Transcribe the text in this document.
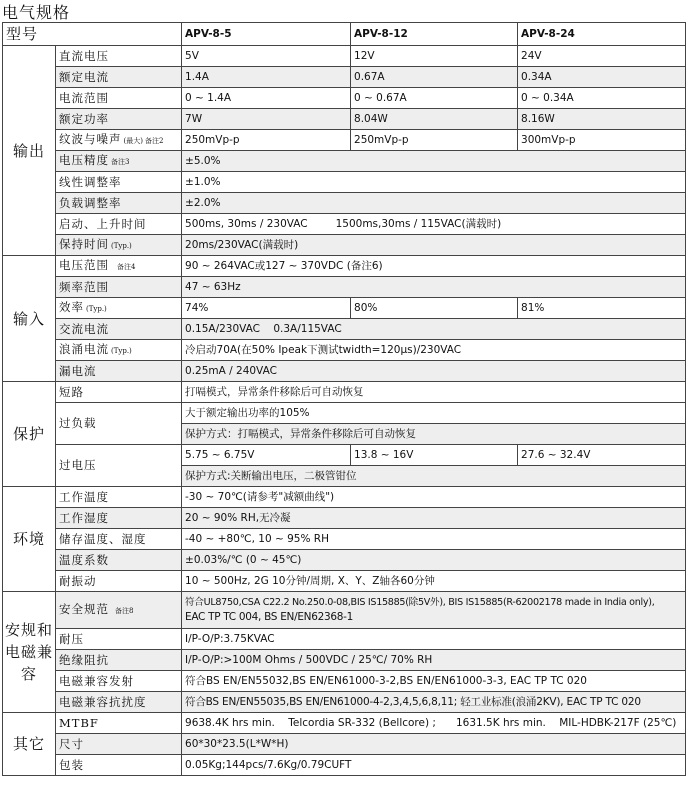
电气规格
型号		APV-8-5	APV-8-12	APV-8-24
输出	直流电压	5V	12V	24V
	额定电流	1.4A	0.67A	0.34A
	电流范围	0 ~ 1.4A	0 ~ 0.67A	0 ~ 0.34A
	额定功率	7W	8.04W	8.16W
	纹波与噪声 (最大) 备注2	250mVp-p	250mVp-p	300mVp-p
	电压精度 备注3	±5.0%		
	线性调整率	±1.0%		
	负载调整率	±2.0%		
	启动、上升时间	500ms, 30ms / 230VAC 1500ms,30ms / 115VAC(满载时)		
	保持时间 (Typ.)	20ms/230VAC(满载时)		
输入	电压范围 备注4	90 ~ 264VAC或127 ~ 370VDC (备注6)		
	频率范围	47 ~ 63Hz		
	效率 (Typ.)	74%	80%	81%
	交流电流	0.15A/230VAC    0.3A/115VAC		
	浪涌电流 (Typ.)	冷启动70A(在50% Ipeak下测试twidth=120μs)/230VAC		
	漏电流	0.25mA / 240VAC		
保护	短路	打嗝模式，异常条件移除后可自动恢复		
	过负载	大于额定输出功率的105%		
		保护方式：打嗝模式，异常条件移除后可自动恢复		
	过电压	5.75 ~ 6.75V	13.8 ~ 16V	27.6 ~ 32.4V
		保护方式:关断输出电压，二极管钳位		
环境	工作温度	-30 ~ 70℃(请参考"减额曲线")		
	工作湿度	20 ~ 90% RH,无冷凝		
	储存温度、湿度	-40 ~ +80℃, 10 ~ 95% RH		
	温度系数	±0.03%/℃ (0 ~ 45℃)		
	耐振动	10 ~ 500Hz, 2G 10分钟/周期, X、Y、Z轴各60分钟		
安规和电磁兼容	安全规范 备注8	符合UL8750,CSA C22.2 No.250.0-08,BIS IS15885(除5V外), BIS IS15885(R-62002178 made in India only),
EAC TP TC 004, BS EN/EN62368-1		

	耐压	I/P-O/P:3.75KVAC		
	绝缘阻抗	I/P-O/P:>100M Ohms / 500VDC / 25℃/ 70% RH		
	电磁兼容发射	符合BS EN/EN55032,BS EN/EN61000-3-2,BS EN/EN61000-3-3, EAC TP TC 020		
	电磁兼容抗扰度	符合BS EN/EN55035,BS EN/EN61000-4-2,3,4,5,6,8,11; 轻工业标准(浪涌2KV), EAC TP TC 020		
其它	MTBF	9638.4K hrs min.    Telcordia SR-332 (Bellcore) ;      1631.5K hrs min.    MIL-HDBK-217F (25℃)		
	尺寸	60*30*23.5(L*W*H)		
	包装	0.05Kg;144pcs/7.6Kg/0.79CUFT		
